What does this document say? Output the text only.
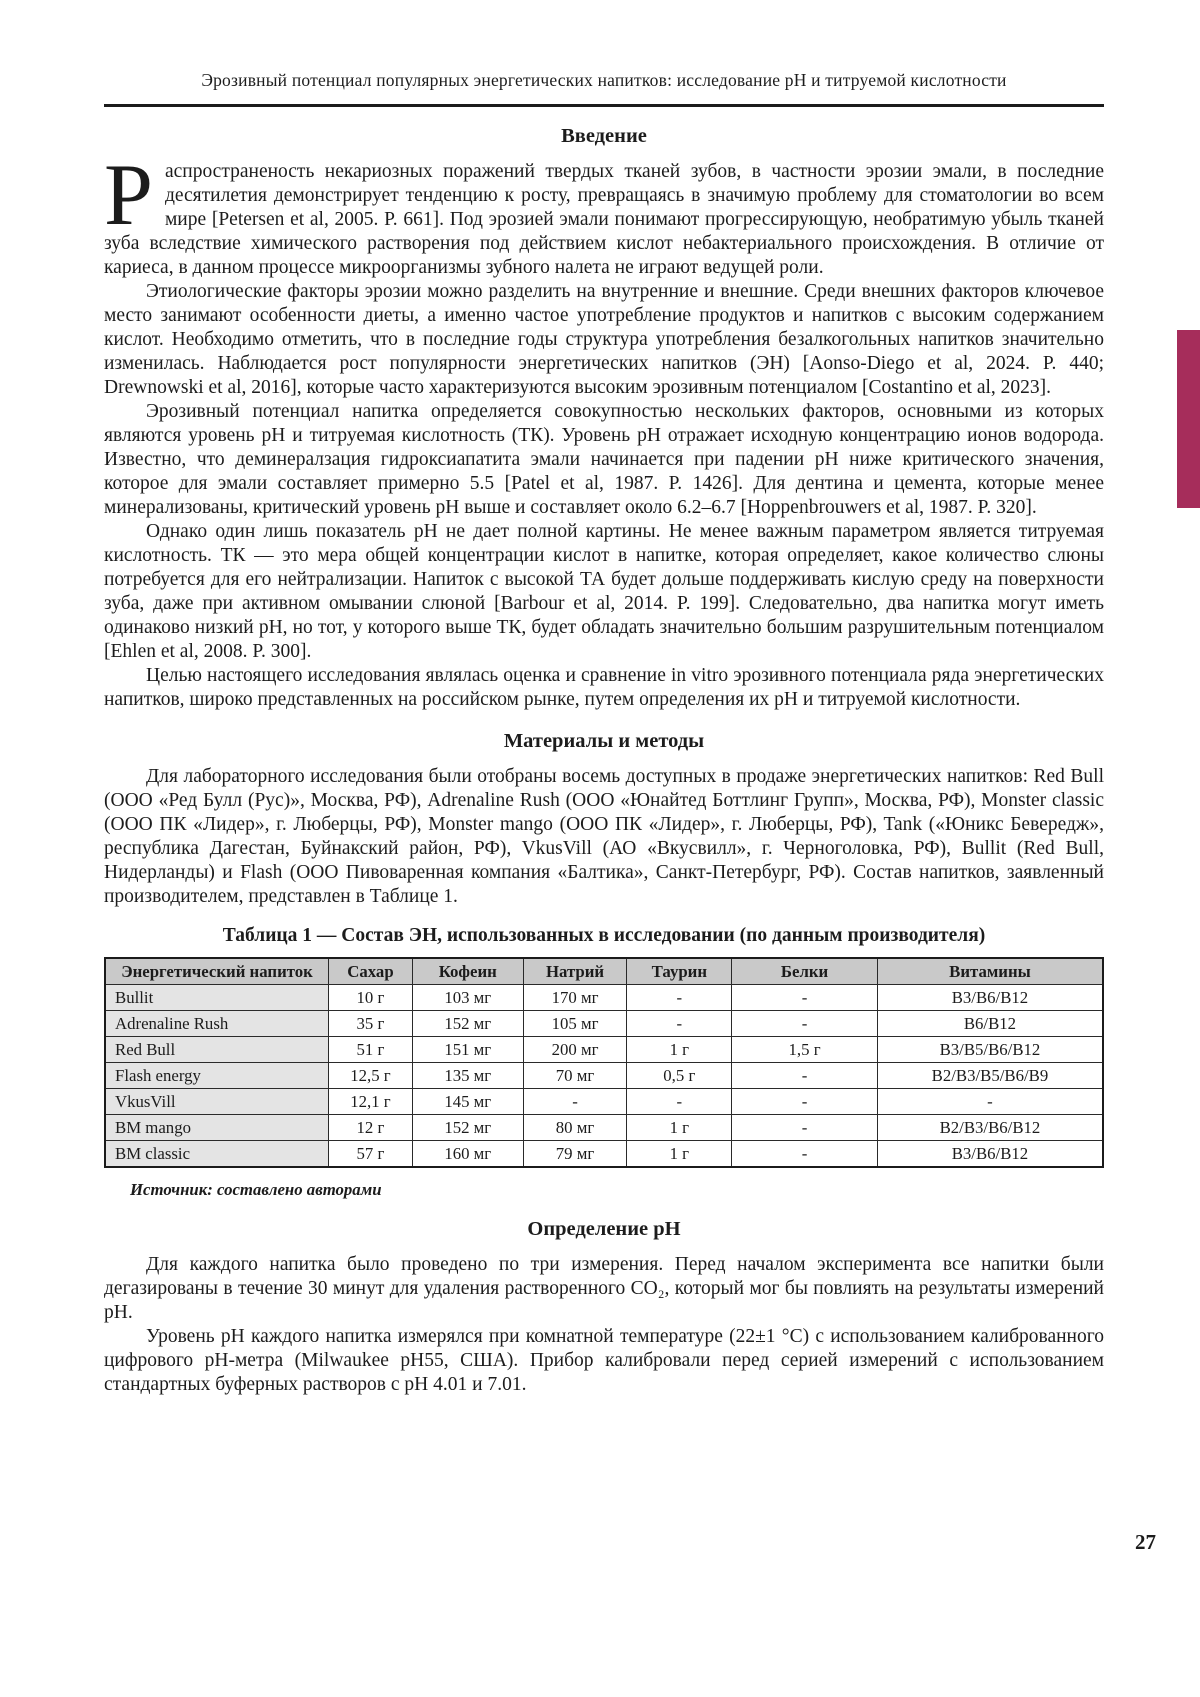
Эрозивный потенциал популярных энергетических напитков: исследование pH и титруемой кислотности
Введение

Распространеность некариозных поражений твердых тканей зубов, в частности эрозии эмали, в последние десятилетия демонстрирует тенденцию к росту, превращаясь в значимую проблему для стоматологии во всем мире [Petersen et al, 2005. P. 661]. Под эрозией эмали понимают прогрессирующую, необратимую убыль тканей зуба вследствие химического растворения под действием кислот небактериального происхождения. В отличие от кариеса, в данном процессе микроорганизмы зубного налета не играют ведущей роли.

Этиологические факторы эрозии можно разделить на внутренние и внешние. Среди внешних факторов ключевое место занимают особенности диеты, а именно частое употребление продуктов и напитков с высоким содержанием кислот. Необходимо отметить, что в последние годы структура употребления безалкогольных напитков значительно изменилась. Наблюдается рост популярности энергетических напитков (ЭН) [Aonso-Diego et al, 2024. P. 440; Drewnowski et al, 2016], которые часто характеризуются высоким эрозивным потенциалом [Costantino et al, 2023].

Эрозивный потенциал напитка определяется совокупностью нескольких факторов, основными из которых являются уровень pH и титруемая кислотность (ТК). Уровень pH отражает исходную концентрацию ионов водорода. Известно, что деминералзация гидроксиапатита эмали начинается при падении pH ниже критического значения, которое для эмали составляет примерно 5.5 [Patel et al, 1987. P. 1426]. Для дентина и цемента, которые менее минерализованы, критический уровень pH выше и составляет около 6.2–6.7 [Hoppenbrouwers et al, 1987. P. 320].

Однако один лишь показатель pH не дает полной картины. Не менее важным параметром является титруемая кислотность. ТК — это мера общей концентрации кислот в напитке, которая определяет, какое количество слюны потребуется для его нейтрализации. Напиток с высокой ТА будет дольше поддерживать кислую среду на поверхности зуба, даже при активном омывании слюной [Barbour et al, 2014. P. 199]. Следовательно, два напитка могут иметь одинаково низкий pH, но тот, у которого выше ТК, будет обладать значительно большим разрушительным потенциалом [Ehlen et al, 2008. P. 300].

Целью настоящего исследования являлась оценка и сравнение in vitro эрозивного потенциала ряда энергетических напитков, широко представленных на российском рынке, путем определения их pH и титруемой кислотности.

Материалы и методы

Для лабораторного исследования были отобраны восемь доступных в продаже энергетических напитков: Red Bull (ООО «Ред Булл (Рус)», Москва, РФ), Adrenaline Rush (ООО «Юнайтед Боттлинг Групп», Москва, РФ), Monster classic (ООО ПК «Лидер», г. Люберцы, РФ), Monster mango (ООО ПК «Лидер», г. Люберцы, РФ), Tank («Юникс Бевередж», республика Дагестан, Буйнакский район, РФ), VkusVill (АО «Вкусвилл», г. Черноголовка, РФ), Bullit (Red Bull, Нидерланды) и Flash (ООО Пивоваренная компания «Балтика», Санкт-Петербург, РФ). Состав напитков, заявленный производителем, представлен в Таблице 1.

Таблица 1 — Состав ЭН, использованных в исследовании (по данным производителя)
Энергетический напиток	Сахар	Кофеин	Натрий	Таурин	Белки	Витамины
Bullit	10 г	103 мг	170 мг	-	-	B3/B6/B12
Adrenaline Rush	35 г	152 мг	105 мг	-	-	B6/B12
Red Bull	51 г	151 мг	200 мг	1 г	1,5 г	B3/B5/B6/B12
Flash energy	12,5 г	135 мг	70 мг	0,5 г	-	B2/B3/B5/B6/B9
VkusVill	12,1 г	145 мг	-	-	-	-
BM mango	12 г	152 мг	80 мг	1 г	-	B2/B3/B6/B12
BM classic	57 г	160 мг	79 мг	1 г	-	B3/B6/B12
Источник: составлено авторами
Определение pH

Для каждого напитка было проведено по три измерения. Перед началом эксперимента все напитки были дегазированы в течение 30 минут для удаления растворенного CO₂, который мог бы повлиять на результаты измерений pH.

Уровень pH каждого напитка измерялся при комнатной температуре (22±1 °C) с использованием калиброванного цифрового pH-метра (Milwaukee pH55, США). Прибор калибровали перед серией измерений с использованием стандартных буферных растворов с pH 4.01 и 7.01.

27
